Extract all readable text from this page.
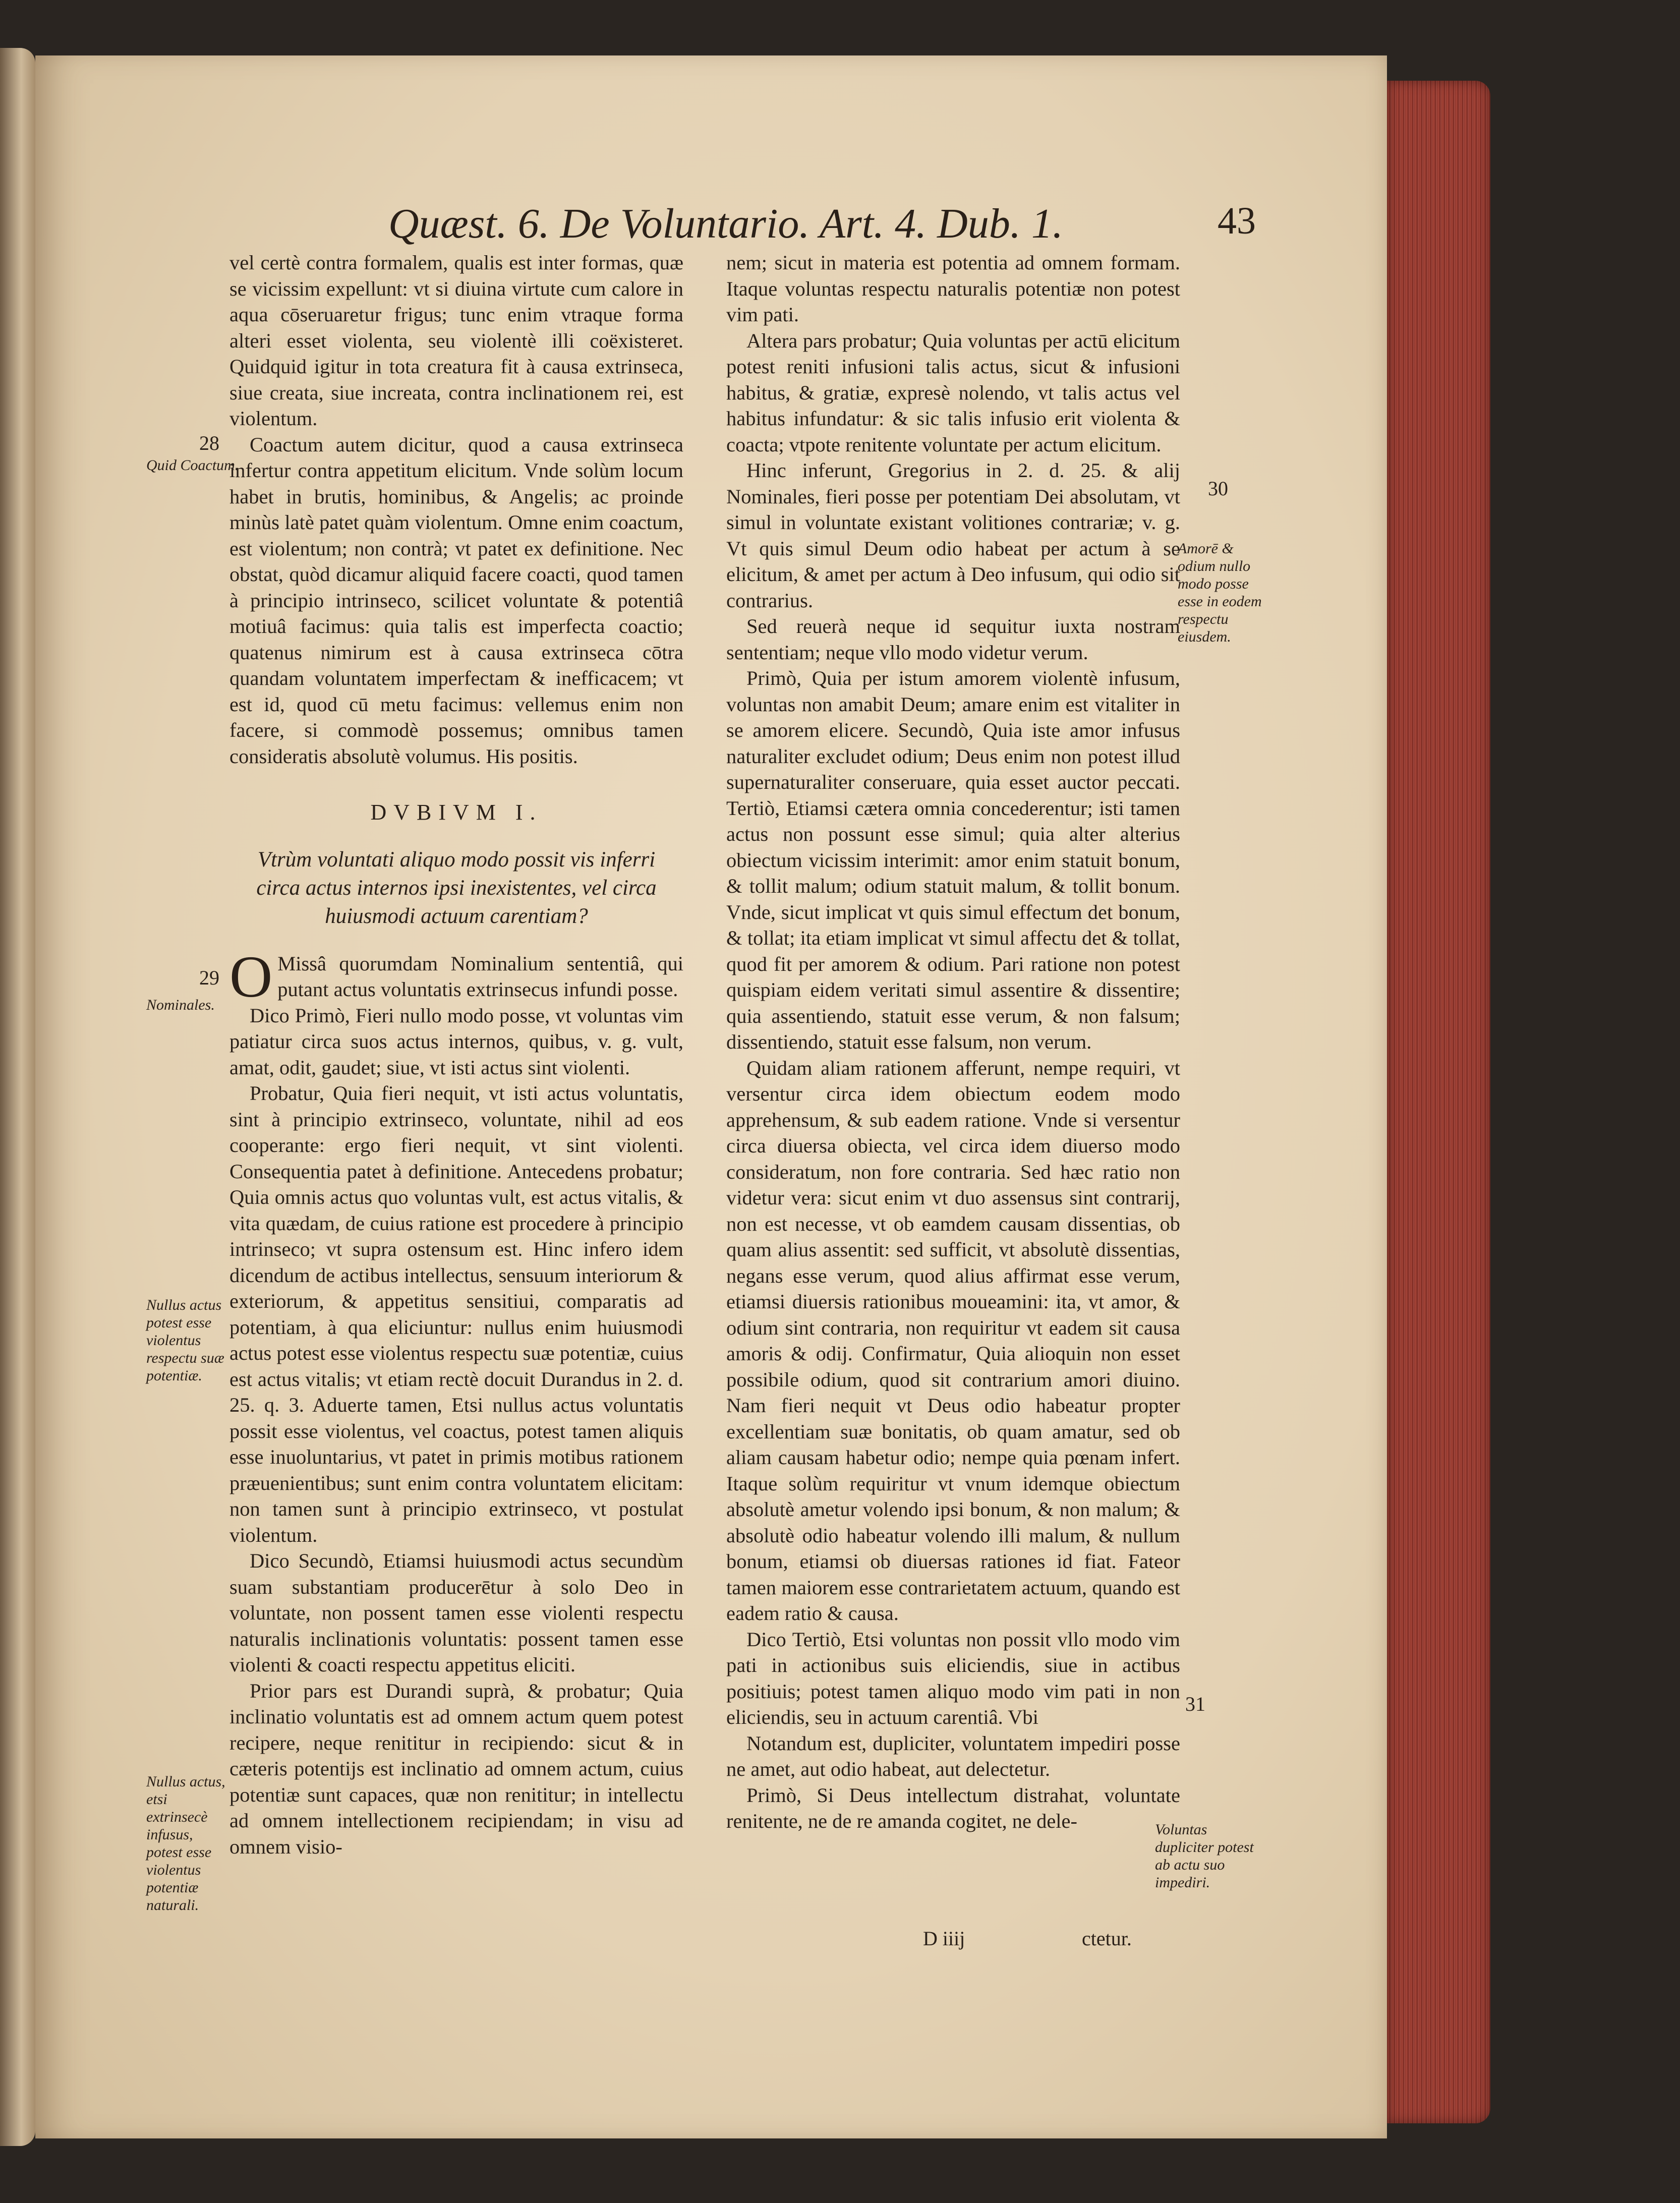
Quæst. 6. De Voluntario. Art. 4. Dub. 1.	43

vel certè contra formalem, qualis est inter formas, quæ se vicissim expellunt: vt si diuina virtute cum calore in aqua cōseruaretur frigus; tunc enim vtraque forma alteri esset violenta, seu violentè illi coëxisteret. Quidquid igitur in tota creatura fit à causa extrinseca, siue creata, siue increata, contra inclinationem rei, est violentum.

Coactum autem dicitur, quod a causa extrinseca infertur contra appetitum elicitum. Vnde solùm locum habet in brutis, hominibus, & Angelis; ac proinde minùs latè patet quàm violentum. Omne enim coactum, est violentum; non contrà; vt patet ex definitione. Nec obstat, quòd dicamur aliquid facere coacti, quod tamen à principio intrinseco, scilicet voluntate & potentiâ motiuâ facimus: quia talis est imperfecta coactio; quatenus nimirum est à causa extrinseca cōtra quandam voluntatem imperfectam & inefficacem; vt est id, quod cū metu facimus: vellemus enim non facere, si commodè possemus; omnibus tamen consideratis absolutè volumus. His positis.

DVBIVM I.
Vtrùm voluntati aliquo modo possit vis inferri circa actus internos ipsi inexistentes, vel circa huiusmodi actuum carentiam?

O Missâ quorumdam Nominalium sententiâ, qui putant actus voluntatis extrinsecus infundi posse.

Dico Primò, Fieri nullo modo posse, vt voluntas vim patiatur circa suos actus internos, quibus, v. g. vult, amat, odit, gaudet; siue, vt isti actus sint violenti.

Probatur, Quia fieri nequit, vt isti actus voluntatis, sint à principio extrinseco, voluntate, nihil ad eos cooperante: ergo fieri nequit, vt sint violenti. Consequentia patet à definitione. Antecedens probatur; Quia omnis actus quo voluntas vult, est actus vitalis, & vita quædam, de cuius ratione est procedere à principio intrinseco; vt supra ostensum est. Hinc infero idem dicendum de actibus intellectus, sensuum interiorum & exteriorum, & appetitus sensitiui, comparatis ad potentiam, à qua eliciuntur: nullus enim huiusmodi actus potest esse violentus respectu suæ potentiæ, cuius est actus vitalis; vt etiam rectè docuit Durandus in 2. d. 25. q. 3. Aduerte tamen, Etsi nullus actus voluntatis possit esse violentus, vel coactus, potest tamen aliquis esse inuoluntarius, vt patet in primis motibus rationem præuenientibus; sunt enim contra voluntatem elicitam: non tamen sunt à principio extrinseco, vt postulat violentum.

Dico Secundò, Etiamsi huiusmodi actus secundùm suam substantiam producerētur à solo Deo in voluntate, non possent tamen esse violenti respectu naturalis inclinationis voluntatis: possent tamen esse violenti & coacti respectu appetitus eliciti.

Prior pars est Durandi suprà, & probatur; Quia inclinatio voluntatis est ad omnem actum quem potest recipere, neque renititur in recipiendo: sicut & in cæteris potentijs est inclinatio ad omnem actum, cuius potentiæ sunt capaces, quæ non renititur; in intellectu ad omnem intellectionem recipiendam; in visu ad omnem visio-

nem; sicut in materia est potentia ad omnem formam. Itaque voluntas respectu naturalis potentiæ non potest vim pati.

Altera pars probatur; Quia voluntas per actū elicitum potest reniti infusioni talis actus, sicut & infusioni habitus, & gratiæ, expresè nolendo, vt talis actus vel habitus infundatur: & sic talis infusio erit violenta & coacta; vtpote renitente voluntate per actum elicitum.

Hinc inferunt, Gregorius in 2. d. 25. & alij Nominales, fieri posse per potentiam Dei absolutam, vt simul in voluntate existant volitiones contrariæ; v. g. Vt quis simul Deum odio habeat per actum à se elicitum, & amet per actum à Deo infusum, qui odio sit contrarius.

Sed reuerà neque id sequitur iuxta nostram sententiam; neque vllo modo videtur verum.

Primò, Quia per istum amorem violentè infusum, voluntas non amabit Deum; amare enim est vitaliter in se amorem elicere. Secundò, Quia iste amor infusus naturaliter excludet odium; Deus enim non potest illud supernaturaliter conseruare, quia esset auctor peccati. Tertiò, Etiamsi cætera omnia concederentur; isti tamen actus non possunt esse simul; quia alter alterius obiectum vicissim interimit: amor enim statuit bonum, & tollit malum; odium statuit malum, & tollit bonum. Vnde, sicut implicat vt quis simul effectum det bonum, & tollat; ita etiam implicat vt simul affectu det & tollat, quod fit per amorem & odium. Pari ratione non potest quispiam eidem veritati simul assentire & dissentire; quia assentiendo, statuit esse verum, & non falsum; dissentiendo, statuit esse falsum, non verum.

Quidam aliam rationem afferunt, nempe requiri, vt versentur circa idem obiectum eodem modo apprehensum, & sub eadem ratione. Vnde si versentur circa diuersa obiecta, vel circa idem diuerso modo consideratum, non fore contraria. Sed hæc ratio non videtur vera: sicut enim vt duo assensus sint contrarij, non est necesse, vt ob eamdem causam dissentias, ob quam alius assentit: sed sufficit, vt absolutè dissentias, negans esse verum, quod alius affirmat esse verum, etiamsi diuersis rationibus moueamini: ita, vt amor, & odium sint contraria, non requiritur vt eadem sit causa amoris & odij. Confirmatur, Quia alioquin non esset possibile odium, quod sit contrarium amori diuino. Nam fieri nequit vt Deus odio habeatur propter excellentiam suæ bonitatis, ob quam amatur, sed ob aliam causam habetur odio; nempe quia pœnam infert. Itaque solùm requiritur vt vnum idemque obiectum absolutè ametur volendo ipsi bonum, & non malum; & absolutè odio habeatur volendo illi malum, & nullum bonum, etiamsi ob diuersas rationes id fiat. Fateor tamen maiorem esse contrarietatem actuum, quando est eadem ratio & causa.

Dico Tertiò, Etsi voluntas non possit vllo modo vim pati in actionibus suis eliciendis, siue in actibus positiuis; potest tamen aliquo modo vim pati in non eliciendis, seu in actuum carentiâ. Vbi

Notandum est, dupliciter, voluntatem impediri posse ne amet, aut odio habeat, aut delectetur.

Primò, Si Deus intellectum distrahat, voluntate renitente, ne de re amanda cogitet, ne dele-

28
Quid Coactum.
29
Nominales.
Nullus actus potest esse violentus respectu suæ potentiæ.
Nullus actus, etsi extrinsecè infusus, potest esse violentus potentiæ naturali.
30
Amorē & odium nullo modo posse esse in eodem respectu eiusdem.
31
Voluntas dupliciter potest ab actu suo impediri.
D iiij	ctetur.
